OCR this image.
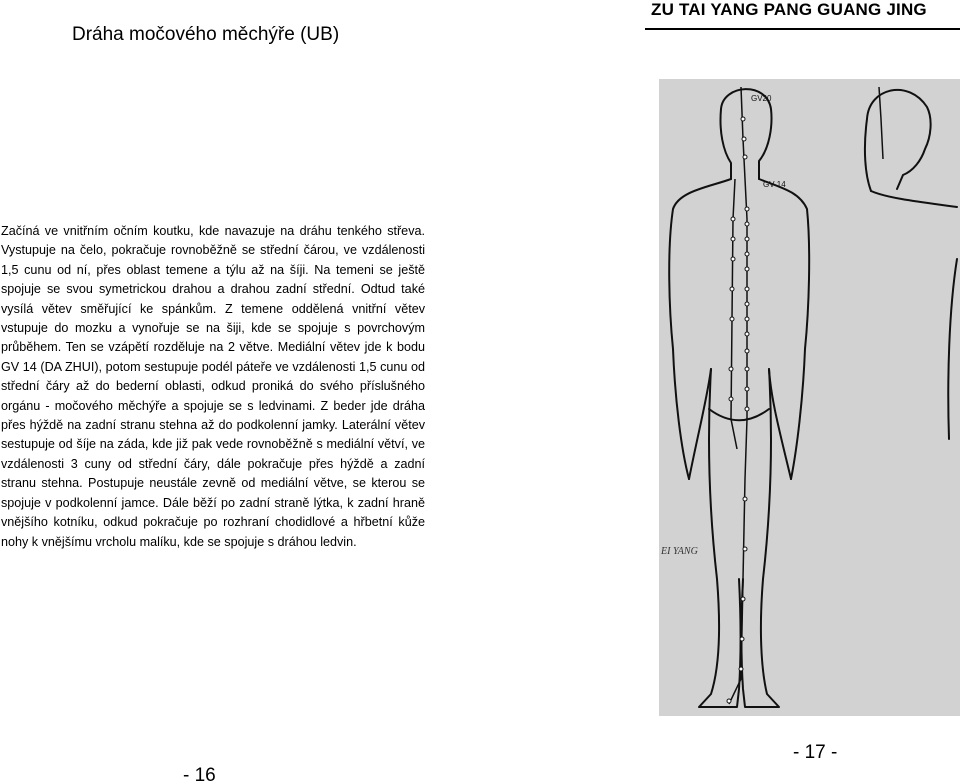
Dráha močového měchýře (UB)
ZU TAI YANG PANG GUANG JING

Začíná ve vnitřním očním koutku, kde navazuje na dráhu tenkého střeva. Vystupuje na čelo, pokračuje rovnoběžně se střední čárou, ve vzdálenosti 1,5 cunu od ní, přes oblast temene a týlu až na šíji. Na temeni se ještě spojuje se svou symetrickou drahou a drahou zadní střední. Odtud také vysílá větev směřující ke spánkům. Z temene oddělená vnitřní větev vstupuje do mozku a vynořuje se na šiji, kde se spojuje s povrchovým průběhem. Ten se vzápětí rozděluje na 2 větve. Mediální větev jde k bodu GV 14 (DA ZHUI), potom sestupuje podél páteře ve vzdálenosti 1,5 cunu od střední čáry až do bederní oblasti, odkud proniká do svého příslušného orgánu - močového měchýře a spojuje se s ledvinami. Z beder jde dráha přes hýždě na zadní stranu stehna až do podkolenní jamky. Laterální větev sestupuje od šíje na záda, kde již pak vede rovnoběžně s mediální větví, ve vzdálenosti 3 cuny od střední čáry, dále pokračuje přes hýždě a zadní stranu stehna. Postupuje neustále zevně od mediální větve, se kterou se spojuje v podkolenní jamce. Dále běží po zadní straně lýtka, k zadní hraně vnějšího kotníku, odkud pokračuje po rozhraní chodidlové a hřbetní kůže nohy k vnějšímu vrcholu malíku, kde se spojuje s dráhou ledvin.

GV20
GV 14
EI YANG
- 16
- 17 -
